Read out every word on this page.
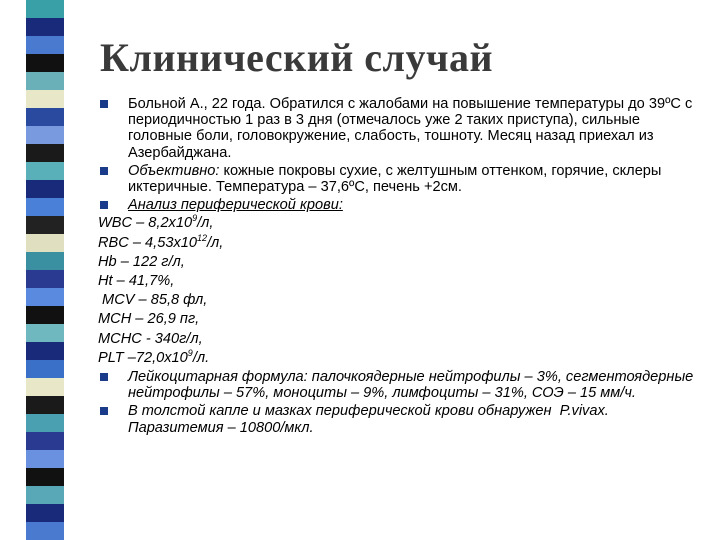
Клинический случай

Больной А., 22 года. Обратился с жалобами на повышение температуры до 39ºС с периодичностью 1 раз в 3 дня (отмечалось уже 2 таких приступа), сильные головные боли, головокружение, слабость, тошноту. Месяц назад приехал из Азербайджана.

Объективно: кожные покровы сухие, с желтушным оттенком, горячие, склеры иктеричные. Температура – 37,6ºС, печень +2см.

Анализ периферической крови:

WBC – $8,2х10^9/л$,

RBC – $4,53х10^{12}/л$,

Hb – 122 г/л,

Ht – 41,7%,

MCV – 85,8 фл,

MCH – 26,9 пг,

MCHC - 340г/л,

PLT $-72,0х10^9/л$.

Лейкоцитарная формула: палочкоядерные нейтрофилы – 3%, сегментоядерные нейтрофилы – 57%, моноциты – 9%, лимфоциты – 31%, СОЭ – 15 мм/ч.

В толстой капле и мазках периферической крови обнаружен  P.vivax. Паразитемия – 10800/мкл.
